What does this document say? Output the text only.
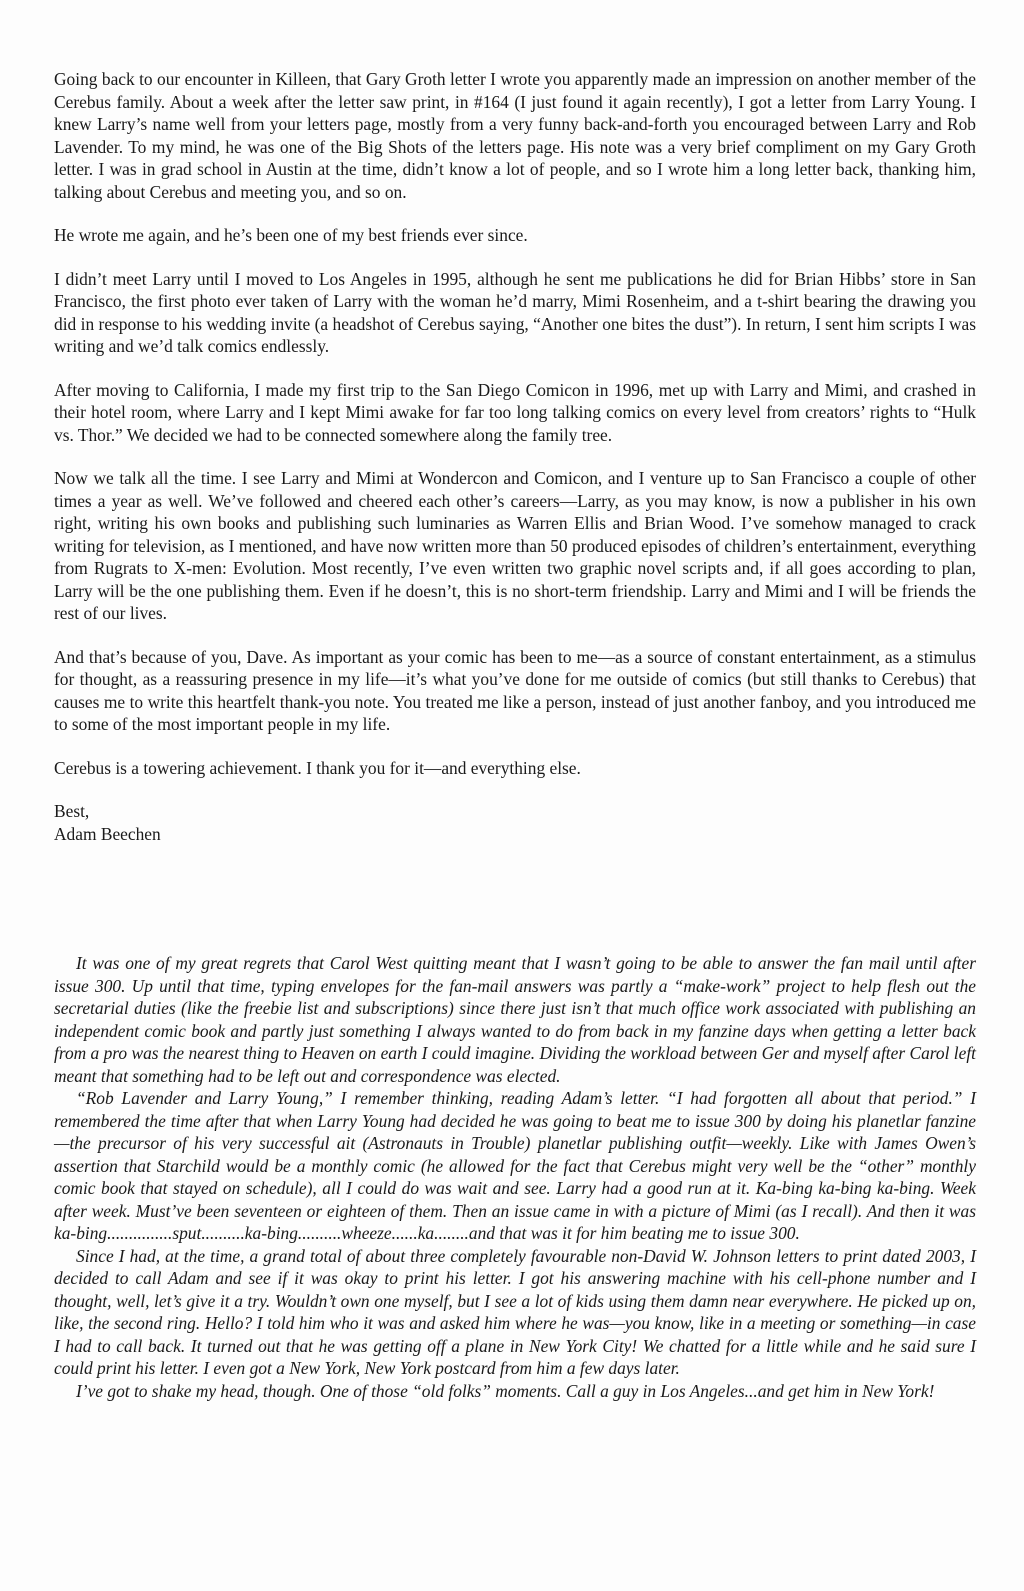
Going back to our encounter in Killeen, that Gary Groth letter I wrote you apparently made an impression on another member of the Cerebus family. About a week after the letter saw print, in #164 (I just found it again recently), I got a letter from Larry Young. I knew Larry’s name well from your letters page, mostly from a very funny back-and-forth you encouraged between Larry and Rob Lavender. To my mind, he was one of the Big Shots of the letters page. His note was a very brief compliment on my Gary Groth letter. I was in grad school in Austin at the time, didn’t know a lot of people, and so I wrote him a long letter back, thanking him, talking about Cerebus and meeting you, and so on.

He wrote me again, and he’s been one of my best friends ever since.

I didn’t meet Larry until I moved to Los Angeles in 1995, although he sent me publications he did for Brian Hibbs’ store in San Francisco, the first photo ever taken of Larry with the woman he’d marry, Mimi Rosenheim, and a t-shirt bearing the drawing you did in response to his wedding invite (a headshot of Cerebus saying, “Another one bites the dust”). In return, I sent him scripts I was writing and we’d talk comics endlessly.

After moving to California, I made my first trip to the San Diego Comicon in 1996, met up with Larry and Mimi, and crashed in their hotel room, where Larry and I kept Mimi awake for far too long talking comics on every level from creators’ rights to “Hulk vs. Thor.” We decided we had to be connected somewhere along the family tree.

Now we talk all the time. I see Larry and Mimi at Wondercon and Comicon, and I venture up to San Francisco a couple of other times a year as well. We’ve followed and cheered each other’s careers—Larry, as you may know, is now a publisher in his own right, writing his own books and publishing such luminaries as Warren Ellis and Brian Wood. I’ve somehow managed to crack writing for television, as I mentioned, and have now written more than 50 produced episodes of children’s entertainment, everything from Rugrats to X-men: Evolution. Most recently, I’ve even written two graphic novel scripts and, if all goes according to plan, Larry will be the one publishing them. Even if he doesn’t, this is no short-term friendship. Larry and Mimi and I will be friends the rest of our lives.

And that’s because of you, Dave. As important as your comic has been to me—as a source of constant entertainment, as a stimulus for thought, as a reassuring presence in my life—it’s what you’ve done for me outside of comics (but still thanks to Cerebus) that causes me to write this heartfelt thank-you note. You treated me like a person, instead of just another fanboy, and you introduced me to some of the most important people in my life.

Cerebus is a towering achievement. I thank you for it—and everything else.

Best,

Adam Beechen

It was one of my great regrets that Carol West quitting meant that I wasn’t going to be able to answer the fan mail until after issue 300. Up until that time, typing envelopes for the fan-mail answers was partly a “make-work” project to help flesh out the secretarial duties (like the freebie list and subscriptions) since there just isn’t that much office work associated with publishing an independent comic book and partly just something I always wanted to do from back in my fanzine days when getting a letter back from a pro was the nearest thing to Heaven on earth I could imagine. Dividing the workload between Ger and myself after Carol left meant that something had to be left out and correspondence was elected.

“Rob Lavender and Larry Young,” I remember thinking, reading Adam’s letter. “I had forgotten all about that period.” I remembered the time after that when Larry Young had decided he was going to beat me to issue 300 by doing his planetlar fanzine—the precursor of his very successful ait (Astronauts in Trouble) planetlar publishing outfit—weekly. Like with James Owen’s assertion that Starchild would be a monthly comic (he allowed for the fact that Cerebus might very well be the “other” monthly comic book that stayed on schedule), all I could do was wait and see. Larry had a good run at it. Ka-bing ka-bing ka-bing. Week after week. Must’ve been seventeen or eighteen of them. Then an issue came in with a picture of Mimi (as I recall). And then it was ka-bing...............sput..........ka-bing..........wheeze......ka........and that was it for him beating me to issue 300.

Since I had, at the time, a grand total of about three completely favourable non-David W. Johnson letters to print dated 2003, I decided to call Adam and see if it was okay to print his letter. I got his answering machine with his cell-phone number and I thought, well, let’s give it a try. Wouldn’t own one myself, but I see a lot of kids using them damn near everywhere. He picked up on, like, the second ring. Hello? I told him who it was and asked him where he was—you know, like in a meeting or something—in case I had to call back. It turned out that he was getting off a plane in New York City! We chatted for a little while and he said sure I could print his letter. I even got a New York, New York postcard from him a few days later.

I’ve got to shake my head, though. One of those “old folks” moments. Call a guy in Los Angeles...and get him in New York!
